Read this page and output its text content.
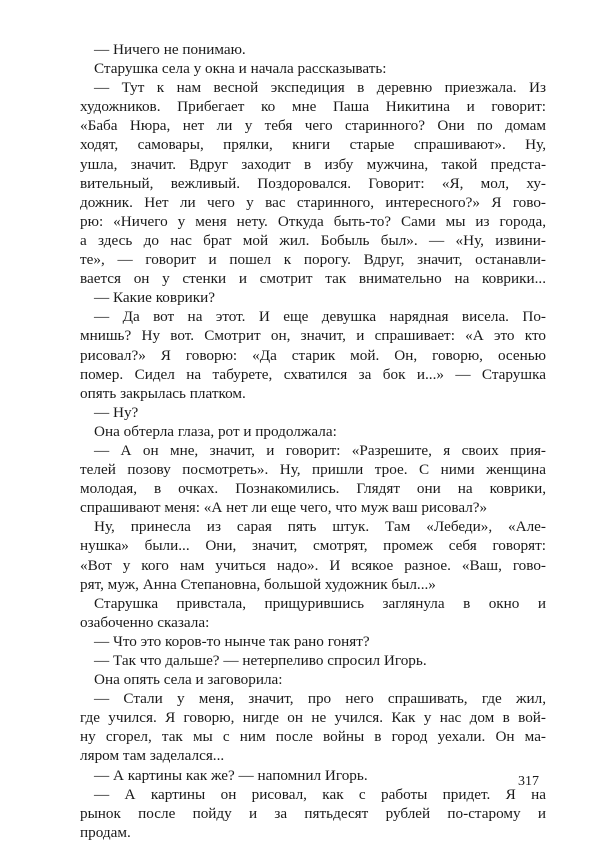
— Ничего не понимаю.
Старушка села у окна и начала рассказывать:
— Тут к нам весной экспедиция в деревню приезжала. Из
художников. Прибегает ко мне Паша Никитина и говорит:
«Баба Нюра, нет ли у тебя чего старинного? Они по домам
ходят, самовары, прялки, книги старые спрашивают». Ну,
ушла, значит. Вдруг заходит в избу мужчина, такой предста-
вительный, вежливый. Поздоровался. Говорит: «Я, мол, ху-
дожник. Нет ли чего у вас старинного, интересного?» Я гово-
рю: «Ничего у меня нету. Откуда быть-то? Сами мы из города,
а здесь до нас брат мой жил. Бобыль был». — «Ну, извини-
те», — говорит и пошел к порогу. Вдруг, значит, останавли-
вается он у стенки и смотрит так внимательно на коврики...
— Какие коврики?
— Да вот на этот. И еще девушка нарядная висела. По-
мнишь? Ну вот. Смотрит он, значит, и спрашивает: «А это кто
рисовал?» Я говорю: «Да старик мой. Он, говорю, осенью
помер. Сидел на табурете, схватился за бок и...» — Старушка
опять закрылась платком.
— Ну?
Она обтерла глаза, рот и продолжала:
— А он мне, значит, и говорит: «Разрешите, я своих прия-
телей позову посмотреть». Ну, пришли трое. С ними женщина
молодая, в очках. Познакомились. Глядят они на коврики,
спрашивают меня: «А нет ли еще чего, что муж ваш рисовал?»
Ну, принесла из сарая пять штук. Там «Лебеди», «Але-
нушка» были... Они, значит, смотрят, промеж себя говорят:
«Вот у кого нам учиться надо». И всякое разное. «Ваш, гово-
рят, муж, Анна Степановна, большой художник был...»
Старушка привстала, прищурившись заглянула в окно и
озабоченно сказала:
— Что это коров-то нынче так рано гонят?
— Так что дальше? — нетерпеливо спросил Игорь.
Она опять села и заговорила:
— Стали у меня, значит, про него спрашивать, где жил,
где учился. Я говорю, нигде он не учился. Как у нас дом в вой-
ну сгорел, так мы с ним после войны в город уехали. Он ма-
ляром там заделался...
— А картины как же? — напомнил Игорь.
— А картины он рисовал, как с работы придет. Я на
рынок после пойду и за пятьдесят рублей по-старому и
продам.
317
